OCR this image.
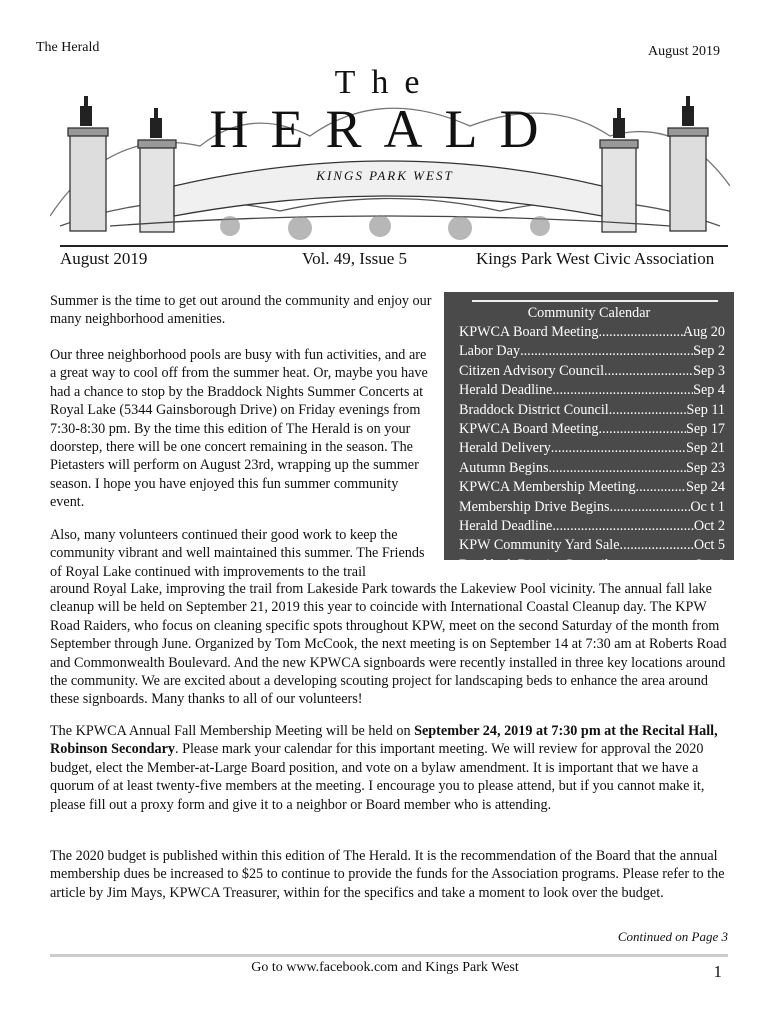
The Herald	August 2019
The
HERALD
KINGS PARK WEST
August 2019	Vol. 49, Issue 5	Kings Park West Civic Association
Community Calendar
KPWCA Board Meeting .....	Aug 20
Labor Day .....	Sep 2
Citizen Advisory Council .....	Sep 3
Herald Deadline .....	Sep 4
Braddock District Council .....	Sep 11
KPWCA Board Meeting .....	Sep 17
Herald Delivery .....	Sep 21
Autumn Begins .....	Sep 23
KPWCA Membership Meeting .....	Sep 24
Membership Drive Begins .....	Oc t 1
Herald Deadline .....	Oct 2
KPW Community Yard Sale .....	Oct 5
Braddock District Council .....	Oct 9
Summer is the time to get out around the community and enjoy our many neighborhood amenities.
Our three neighborhood pools are busy with fun activities, and are a great way to cool off from the summer heat. Or, maybe you have had a chance to stop by the Braddock Nights Summer Concerts at Royal Lake (5344 Gainsborough Drive) on Friday evenings from 7:30-8:30 pm. By the time this edition of The Herald is on your doorstep, there will be one concert remaining in the season. The Pietasters will perform on August 23rd, wrapping up the summer season. I hope you have enjoyed this fun summer community event.
Also, many volunteers continued their good work to keep the community vibrant and well maintained this summer. The Friends of Royal Lake continued with improvements to the trail
around Royal Lake, improving the trail from Lakeside Park towards the Lakeview Pool vicinity. The annual fall lake cleanup will be held on September 21, 2019 this year to coincide with International Coastal Cleanup day. The KPW Road Raiders, who focus on cleaning specific spots throughout KPW, meet on the second Saturday of the month from September through June. Organized by Tom McCook, the next meeting is on September 14 at 7:30 am at Roberts Road and Commonwealth Boulevard. And the new KPWCA signboards were recently installed in three key locations around the community. We are excited about a developing scouting project for landscaping beds to enhance the area around these signboards. Many thanks to all of our volunteers!
The KPWCA Annual Fall Membership Meeting will be held on September 24, 2019 at 7:30 pm at the Recital Hall, Robinson Secondary. Please mark your calendar for this important meeting. We will review for approval the 2020 budget, elect the Member-at-Large Board position, and vote on a bylaw amendment. It is important that we have a quorum of at least twenty-five members at the meeting. I encourage you to please attend, but if you cannot make it, please fill out a proxy form and give it to a neighbor or Board member who is attending.
The 2020 budget is published within this edition of The Herald. It is the recommendation of the Board that the annual membership dues be increased to $25 to continue to provide the funds for the Association programs. Please refer to the article by Jim Mays, KPWCA Treasurer, within for the specifics and take a moment to look over the budget.
Continued on Page 3
Go to www.facebook.com and Kings Park West	1
